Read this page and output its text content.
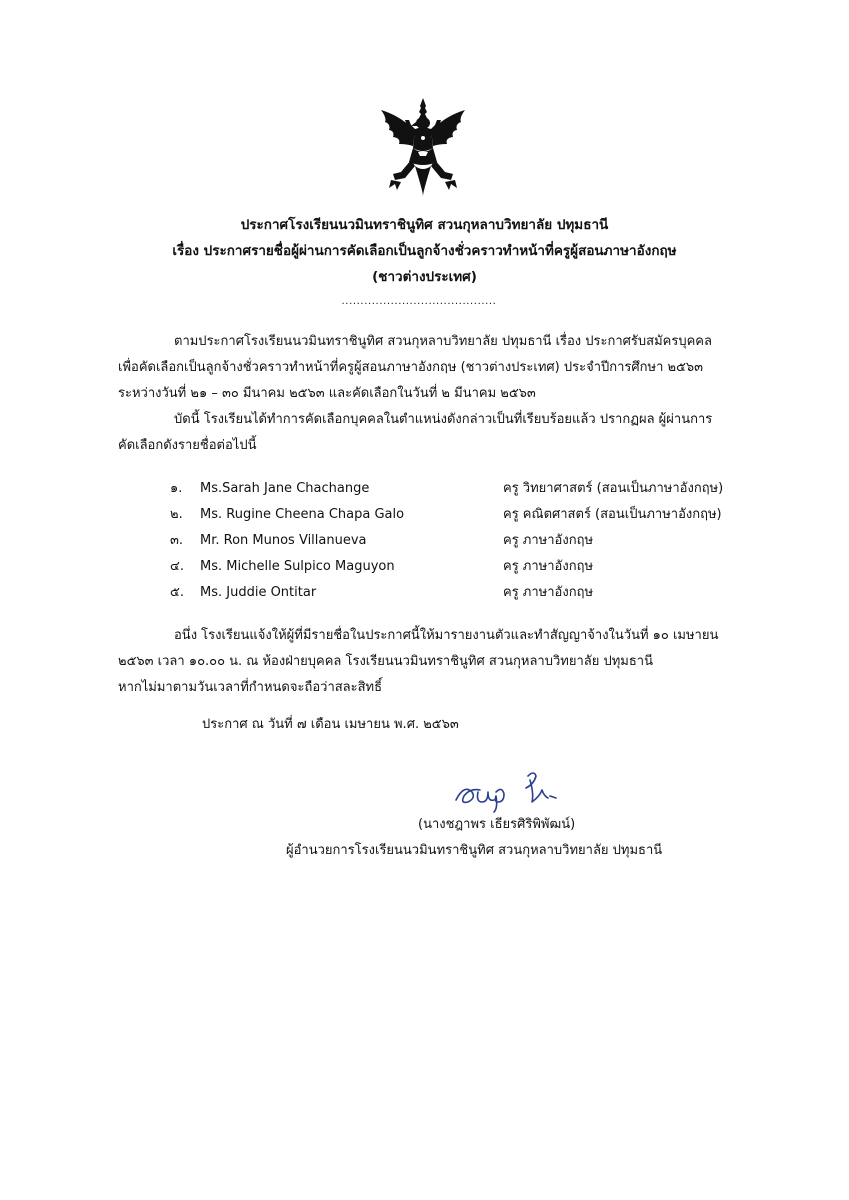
ประกาศโรงเรียนนวมินทราชินูทิศ สวนกุหลาบวิทยาลัย ปทุมธานี
เรื่อง ประกาศรายชื่อผู้ผ่านการคัดเลือกเป็นลูกจ้างชั่วคราวทำหน้าที่ครูผู้สอนภาษาอังกฤษ
(ชาวต่างประเทศ)
.........................................
ตามประกาศโรงเรียนนวมินทราชินูทิศ สวนกุหลาบวิทยาลัย ปทุมธานี เรื่อง ประกาศรับสมัครบุคคล
เพื่อคัดเลือกเป็นลูกจ้างชั่วคราวทำหน้าที่ครูผู้สอนภาษาอังกฤษ (ชาวต่างประเทศ) ประจำปีการศึกษา ๒๕๖๓
ระหว่างวันที่ ๒๑ – ๓๐ มีนาคม ๒๕๖๓ และคัดเลือกในวันที่ ๒ มีนาคม ๒๕๖๓
บัดนี้ โรงเรียนได้ทำการคัดเลือกบุคคลในตำแหน่งดังกล่าวเป็นที่เรียบร้อยแล้ว ปรากฏผล ผู้ผ่านการ
คัดเลือกดังรายชื่อต่อไปนี้
๑. Ms.Sarah Jane Chachange	ครู วิทยาศาสตร์ (สอนเป็นภาษาอังกฤษ)
๒. Ms. Rugine Cheena Chapa Galo	ครู คณิตศาสตร์ (สอนเป็นภาษาอังกฤษ)
๓. Mr. Ron Munos Villanueva	ครู ภาษาอังกฤษ
๔. Ms. Michelle Sulpico Maguyon	ครู ภาษาอังกฤษ
๕. Ms. Juddie Ontitar	ครู ภาษาอังกฤษ
อนึ่ง โรงเรียนแจ้งให้ผู้ที่มีรายชื่อในประกาศนี้ให้มารายงานตัวและทำสัญญาจ้างในวันที่ ๑๐ เมษายน
๒๕๖๓ เวลา ๑๐.๐๐ น. ณ ห้องฝ่ายบุคคล โรงเรียนนวมินทราชินูทิศ สวนกุหลาบวิทยาลัย ปทุมธานี
หากไม่มาตามวันเวลาที่กำหนดจะถือว่าสละสิทธิ์
ประกาศ ณ วันที่ ๗ เดือน เมษายน พ.ศ. ๒๕๖๓
(นางชฎาพร เธียรศิริพิพัฒน์)
ผู้อำนวยการโรงเรียนนวมินทราชินูทิศ สวนกุหลาบวิทยาลัย ปทุมธานี
